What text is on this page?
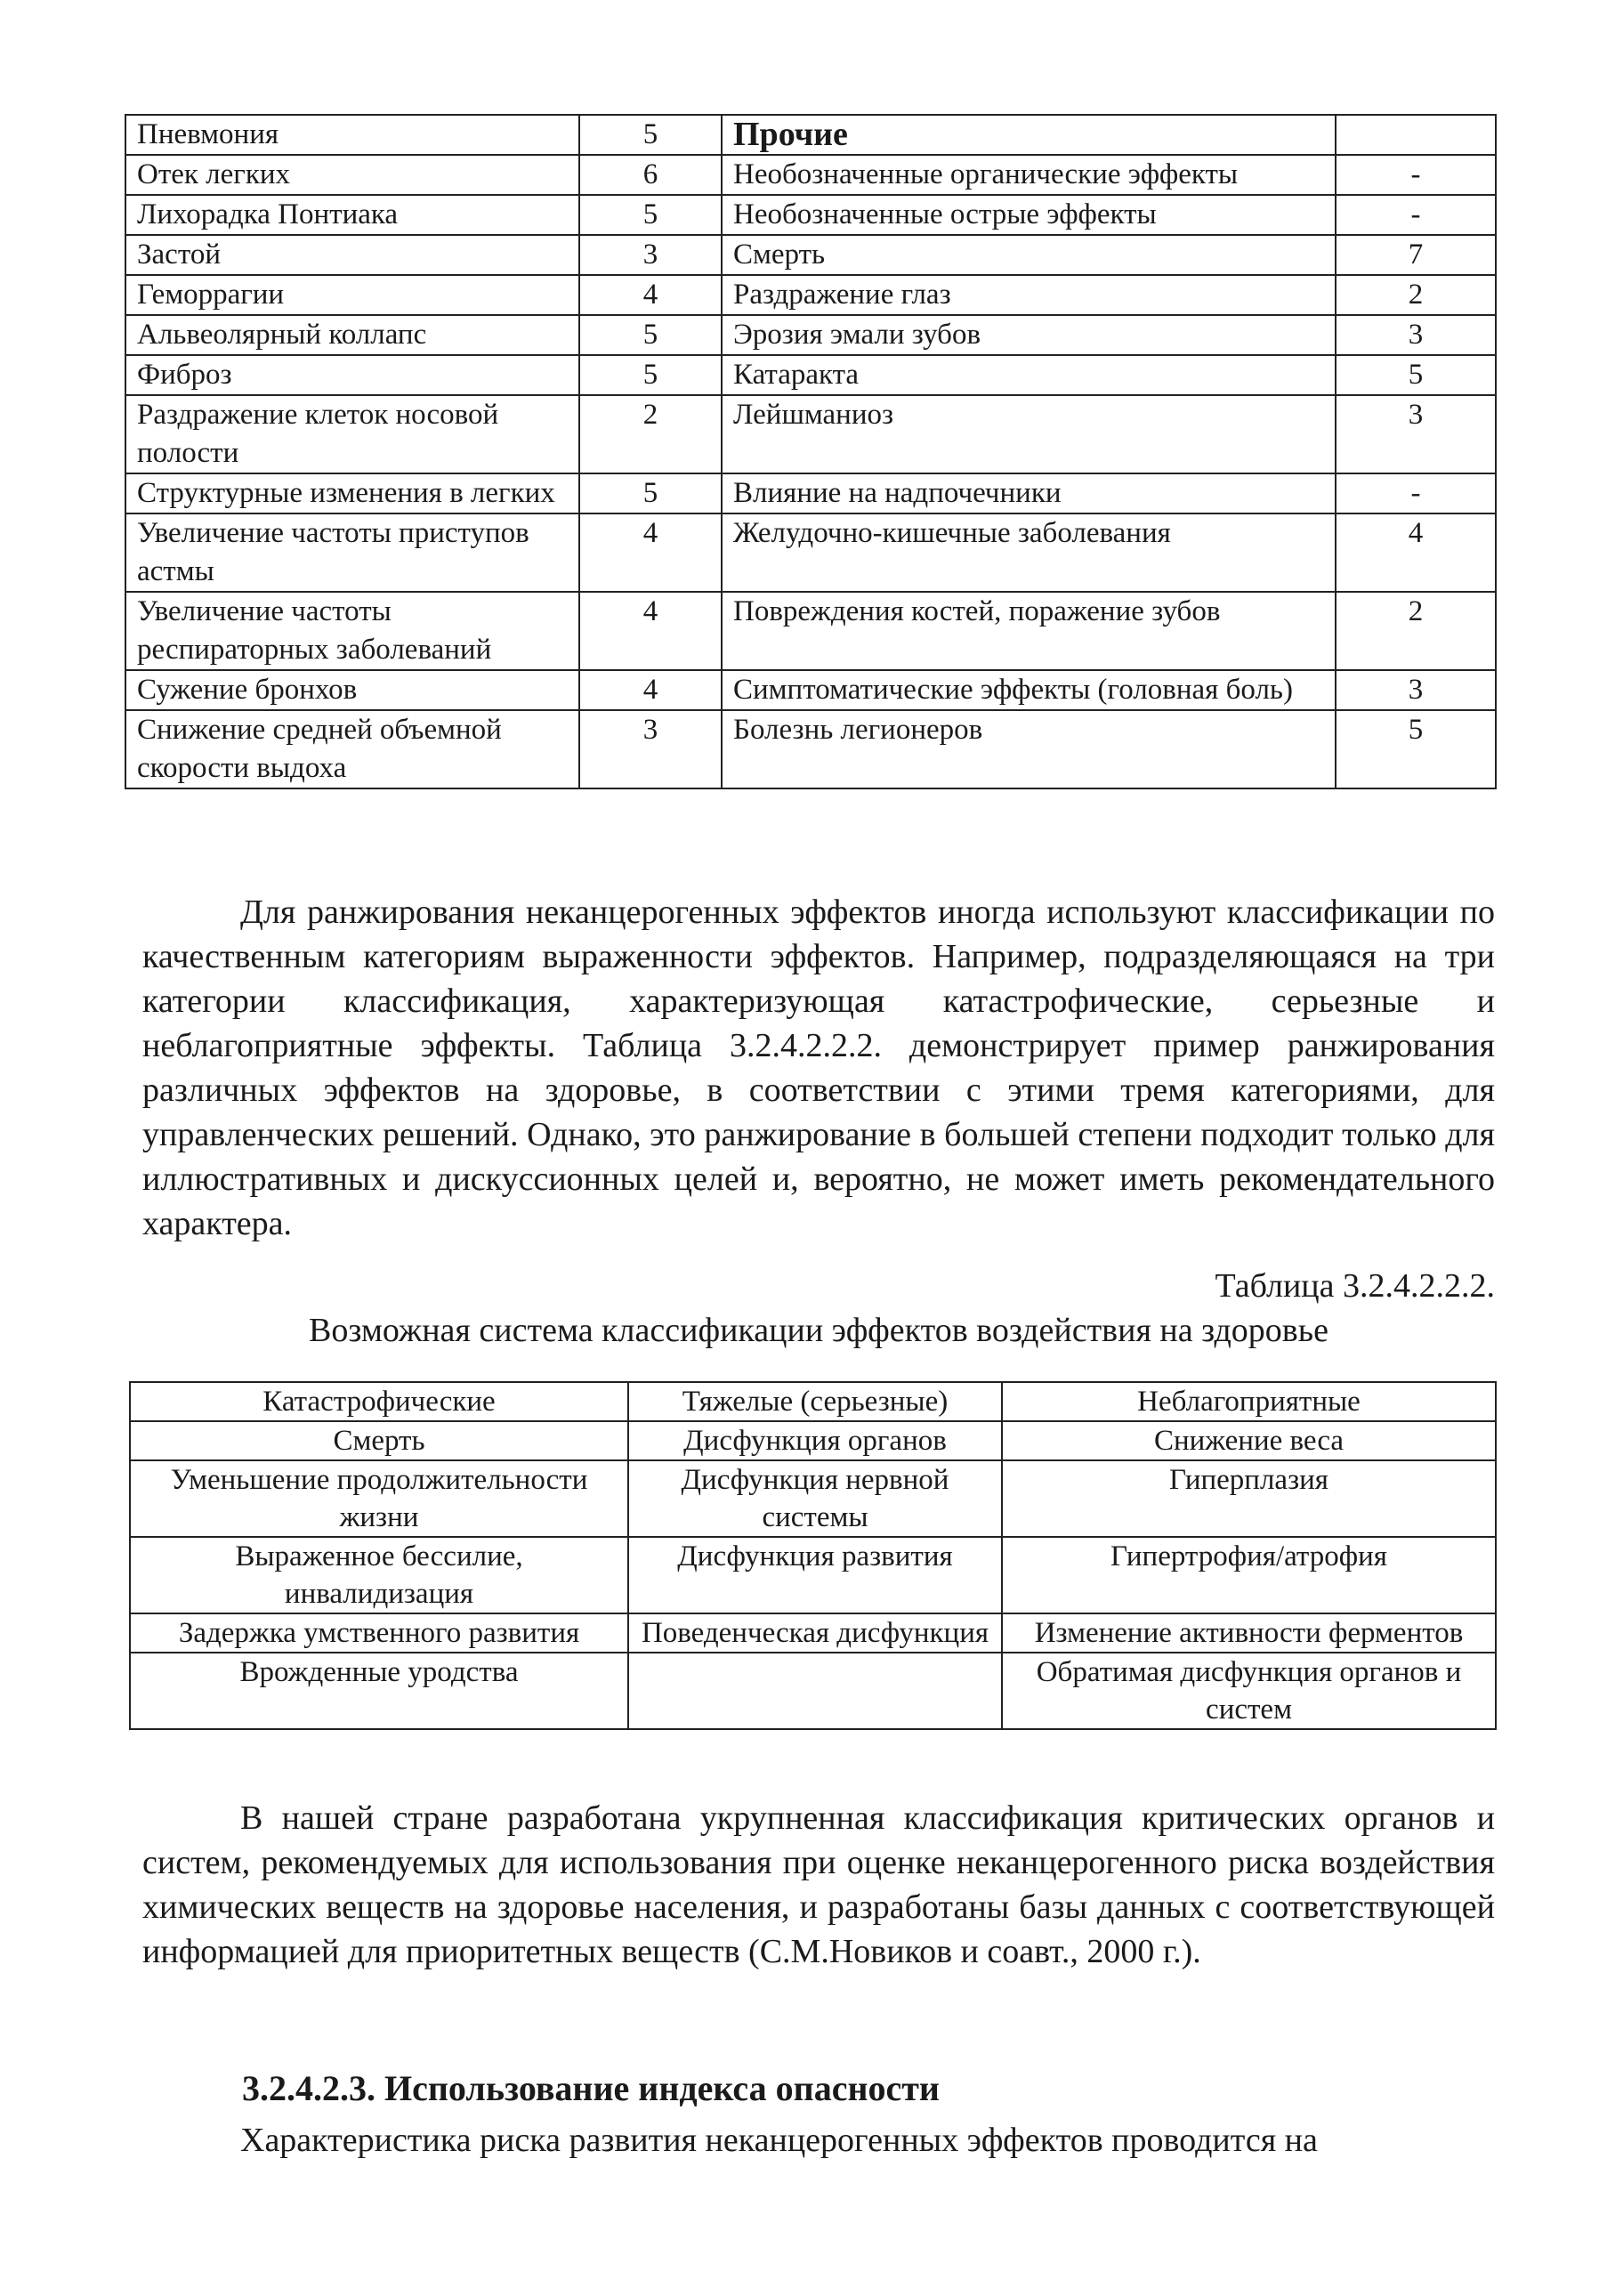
Пневмония	5	Прочие	
Отек легких	6	Необозначенные органические эффекты	-
Лихорадка Понтиака	5	Необозначенные острые эффекты	-
Застой	3	Смерть	7
Геморрагии	4	Раздражение глаз	2
Альвеолярный коллапс	5	Эрозия эмали зубов	3
Фиброз	5	Катаракта	5
Раздражение клеток носовой полости	2	Лейшманиоз	3
Структурные изменения в легких	5	Влияние на надпочечники	-
Увеличение частоты приступов астмы	4	Желудочно-кишечные заболевания	4
Увеличение частоты респираторных заболеваний	4	Повреждения костей, поражение зубов	2
Сужение бронхов	4	Симптоматические эффекты (головная боль)	3
Снижение средней объемной скорости выдоха	3	Болезнь легионеров	5

Для ранжирования неканцерогенных эффектов иногда используют классификации по качественным категориям выраженности эффектов. Например, подразделяющаяся на три категории классификация, характеризующая катастрофические, серьезные и неблагоприятные эффекты. Таблица 3.2.4.2.2.2. демонстрирует пример ранжирования различных эффектов на здоровье, в соответствии с этими тремя категориями, для управленческих решений. Однако, это ранжирование в большей степени подходит только для иллюстративных и дискуссионных целей и, вероятно, не может иметь рекомендательного характера.

Таблица 3.2.4.2.2.2.

Возможная система классификации эффектов воздействия на здоровье

Катастрофические	Тяжелые (серьезные)	Неблагоприятные
Смерть	Дисфункция органов	Снижение веса
Уменьшение продолжительности жизни	Дисфункция нервной системы	Гиперплазия
Выраженное бессилие, инвалидизация	Дисфункция развития	Гипертрофия/атрофия
Задержка умственного развития	Поведенческая дисфункция	Изменение активности ферментов
Врожденные уродства		Обратимая дисфункция органов и систем

В нашей стране разработана укрупненная классификация критических органов и систем, рекомендуемых для использования при оценке неканцерогенного риска воздействия химических веществ на здоровье населения, и разработаны базы данных с соответствующей информацией для приоритетных веществ (С.М.Новиков и соавт., 2000 г.).

3.2.4.2.3. Использование индекса опасности

Характеристика риска развития неканцерогенных эффектов проводится на
